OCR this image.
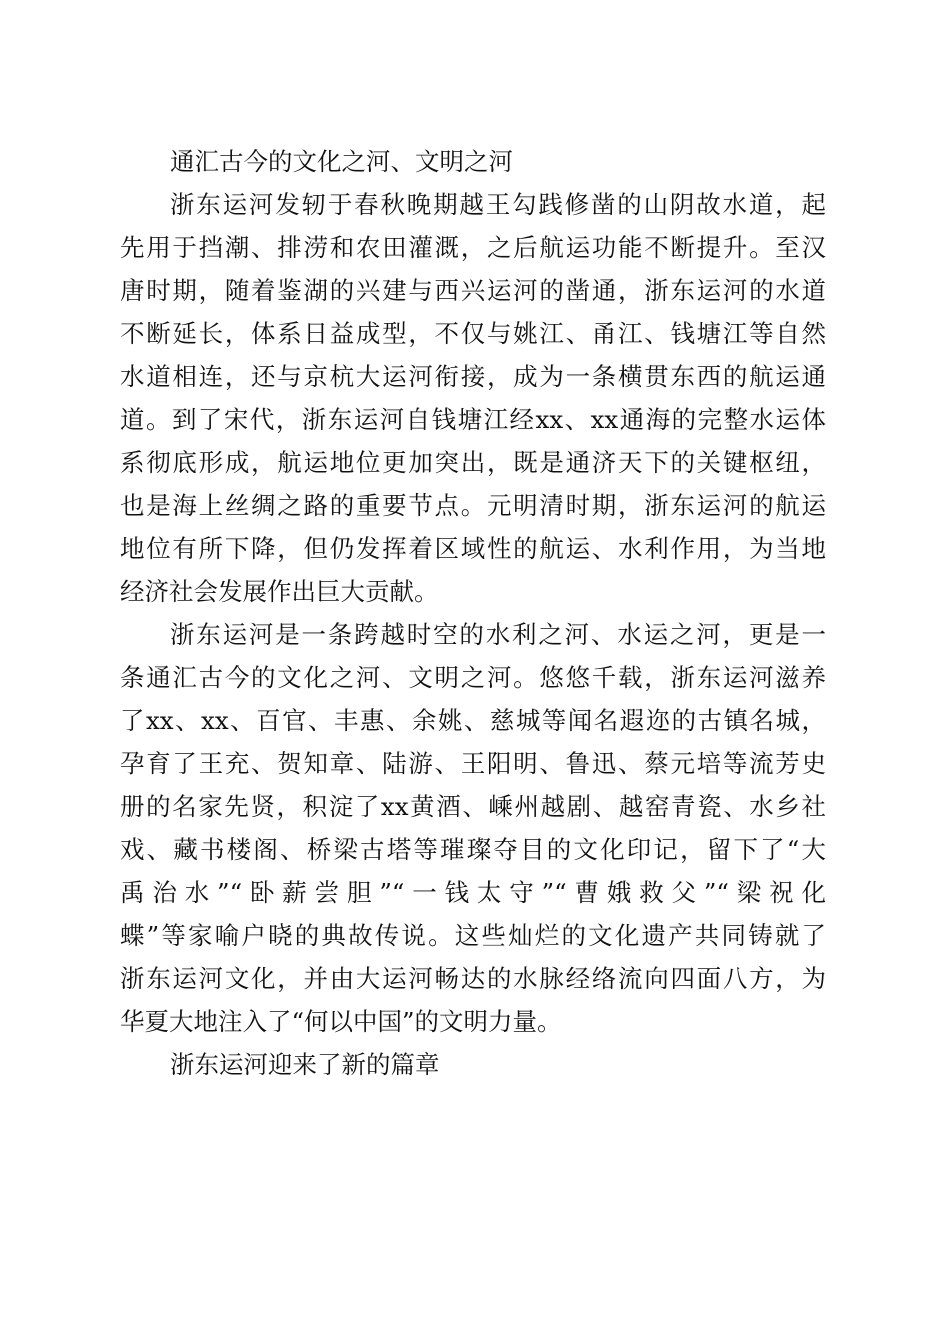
通汇古今的文化之河、文明之河
浙东运河发轫于春秋晚期越王勾践修凿的山阴故水道，起
先用于挡潮、排涝和农田灌溉，之后航运功能不断提升。至汉
唐时期，随着鉴湖的兴建与西兴运河的凿通，浙东运河的水道
不断延长，体系日益成型，不仅与姚江、甬江、钱塘江等自然
水道相连，还与京杭大运河衔接，成为一条横贯东西的航运通
道。到了宋代，浙东运河自钱塘江经xx、xx通海的完整水运体
系彻底形成，航运地位更加突出，既是通济天下的关键枢纽，
也是海上丝绸之路的重要节点。元明清时期，浙东运河的航运
地位有所下降，但仍发挥着区域性的航运、水利作用，为当地
经济社会发展作出巨大贡献。
浙东运河是一条跨越时空的水利之河、水运之河，更是一
条通汇古今的文化之河、文明之河。悠悠千载，浙东运河滋养
了xx、xx、百官、丰惠、余姚、慈城等闻名遐迩的古镇名城，
孕育了王充、贺知章、陆游、王阳明、鲁迅、蔡元培等流芳史
册的名家先贤，积淀了xx黄酒、嵊州越剧、越窑青瓷、水乡社
戏、藏书楼阁、桥梁古塔等璀璨夺目的文化印记，留下了“大
禹治水”“卧薪尝胆”“一钱太守”“曹娥救父”“梁祝化
蝶”等家喻户晓的典故传说。这些灿烂的文化遗产共同铸就了
浙东运河文化，并由大运河畅达的水脉经络流向四面八方，为
华夏大地注入了“何以中国”的文明力量。
浙东运河迎来了新的篇章
